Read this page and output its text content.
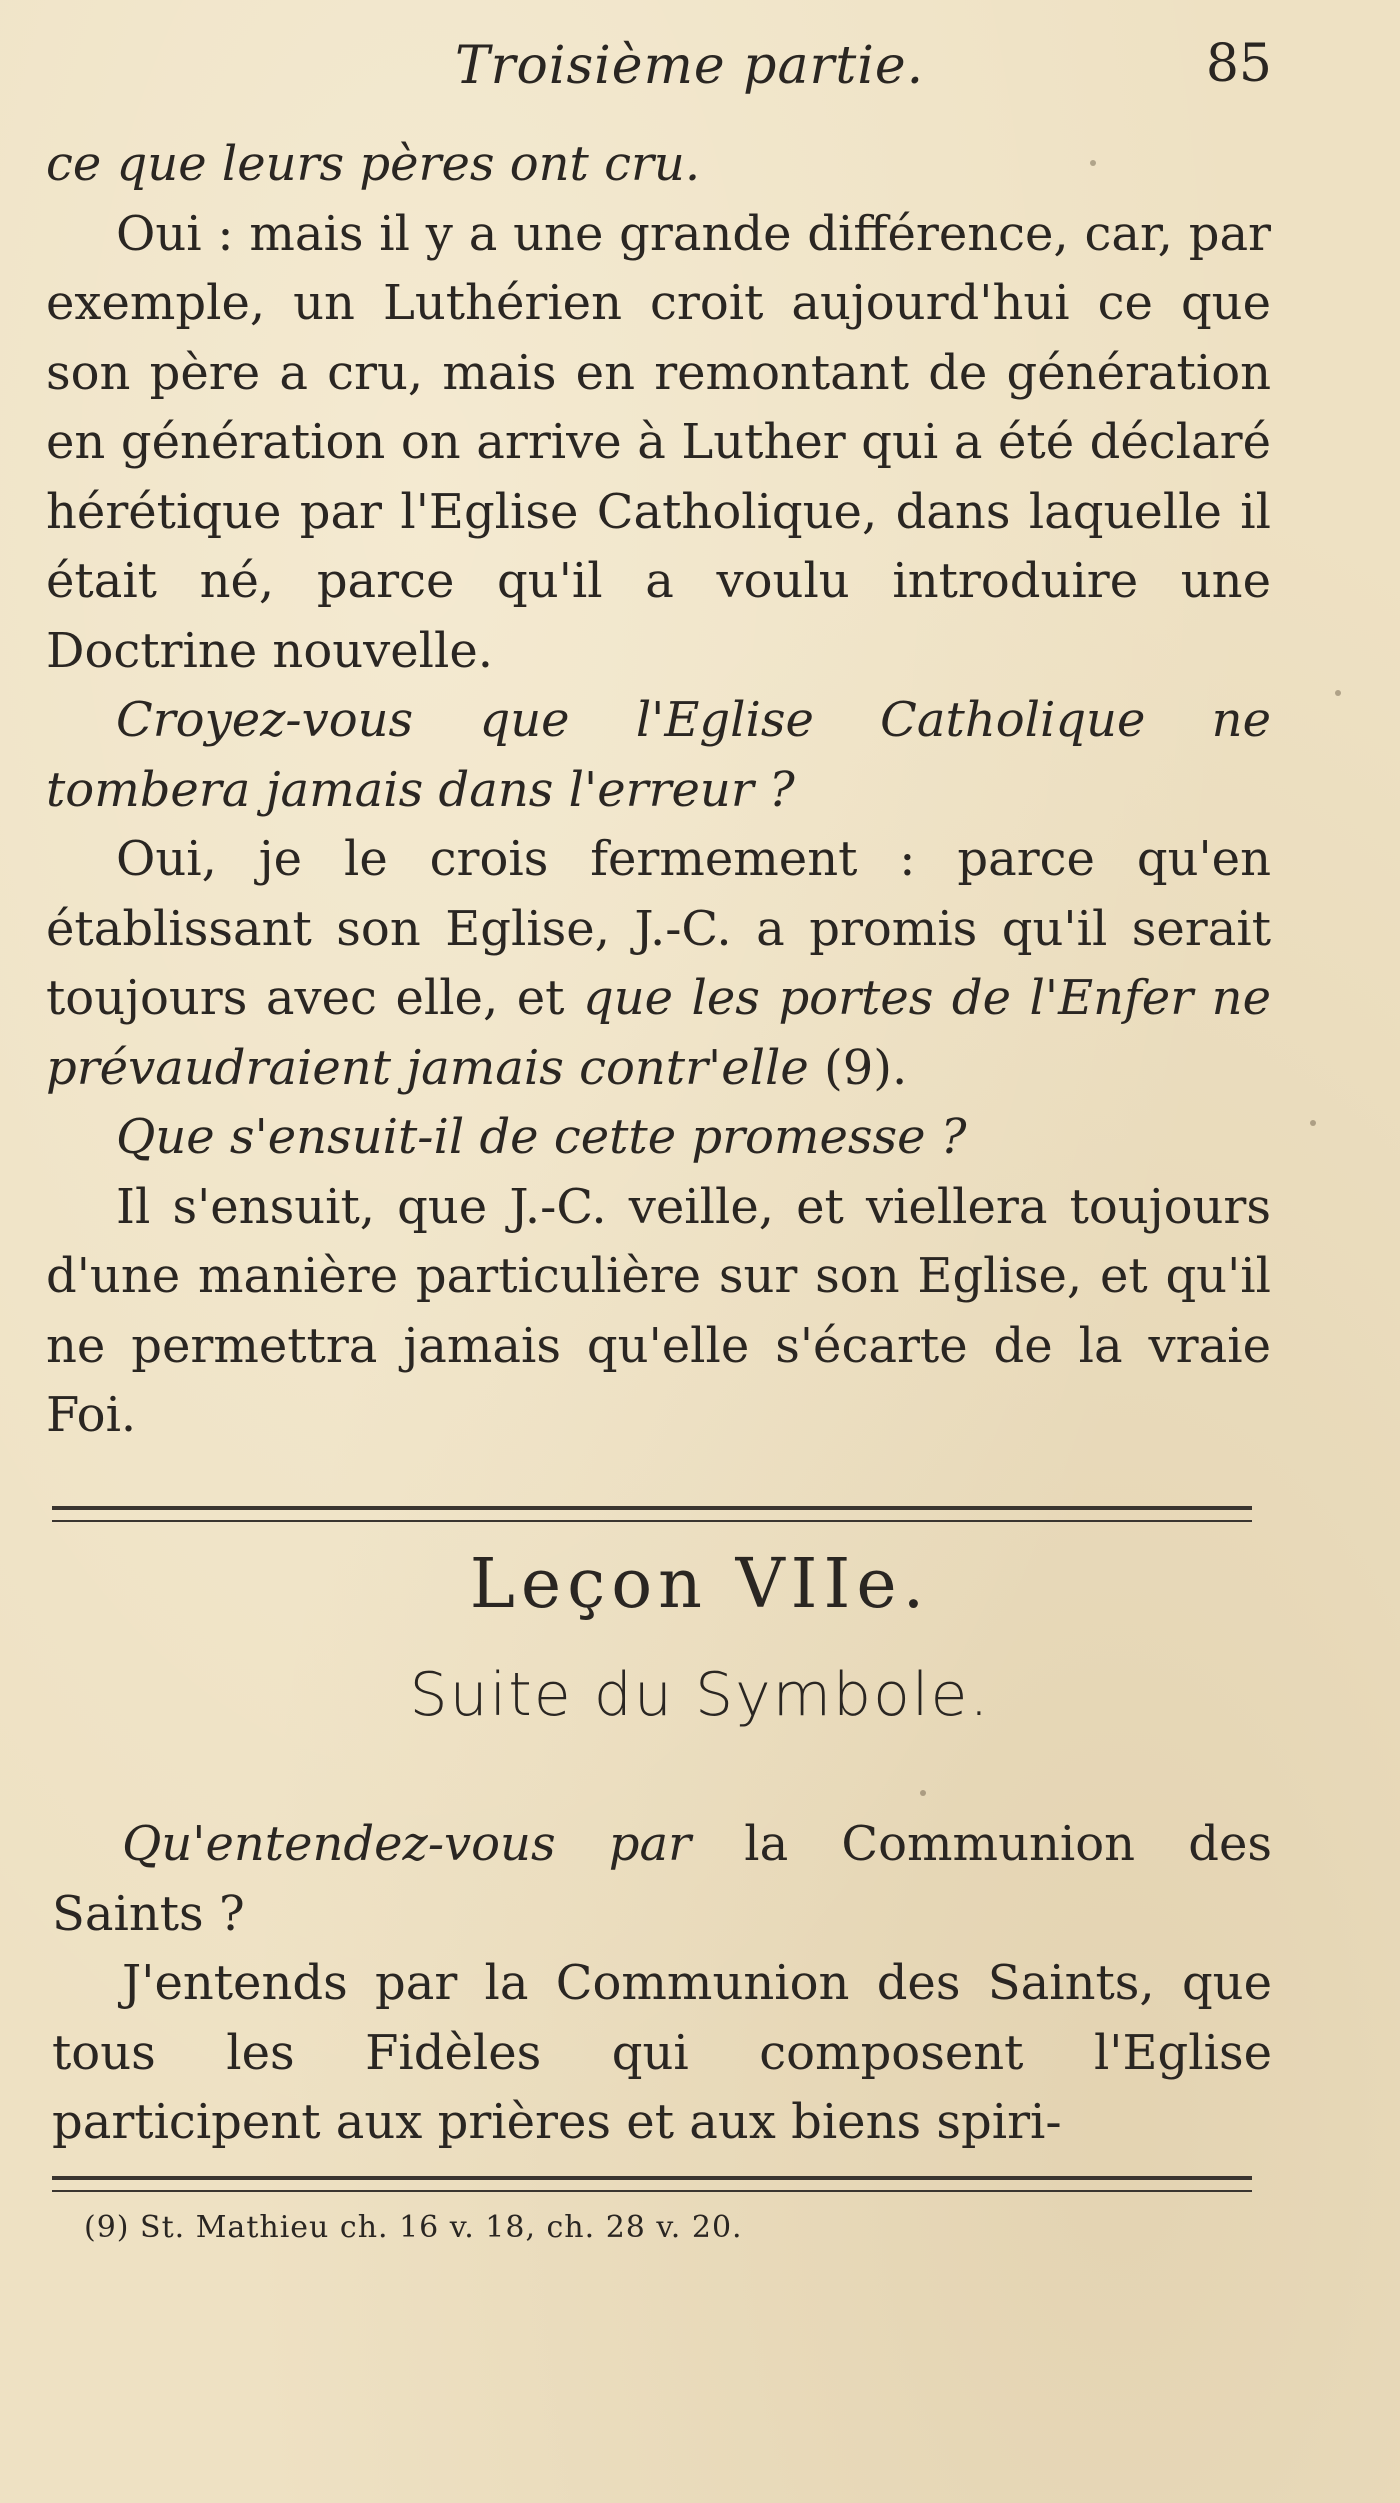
Troisième partie.	85

ce que leurs pères ont cru.

Oui : mais il y a une grande différence, car, par exemple, un Luthérien croit aujourd'hui ce que son père a cru, mais en remontant de génération en génération on arrive à Luther qui a été déclaré hérétique par l'Eglise Catholique, dans laquelle il était né, parce qu'il a voulu introduire une Doctrine nouvelle.

Croyez-vous que l'Eglise Catholique ne tombera jamais dans l'erreur ?

Oui, je le crois fermement : parce qu'en établissant son Eglise, J.-C. a promis qu'il serait toujours avec elle, et que les portes de l'Enfer ne prévaudraient jamais contr'elle (9).

Que s'ensuit-il de cette promesse ?

Il s'ensuit, que J.-C. veille, et viellera toujours d'une manière particulière sur son Eglise, et qu'il ne permettra jamais qu'elle s'écarte de la vraie Foi.

Leçon VIIe.
Suite du Symbole.

Qu'entendez-vous par la Communion des Saints ?

J'entends par la Communion des Saints, que tous les Fidèles qui composent l'Eglise participent aux prières et aux biens spiri-

(9) St. Mathieu ch. 16 v. 18, ch. 28 v. 20.
